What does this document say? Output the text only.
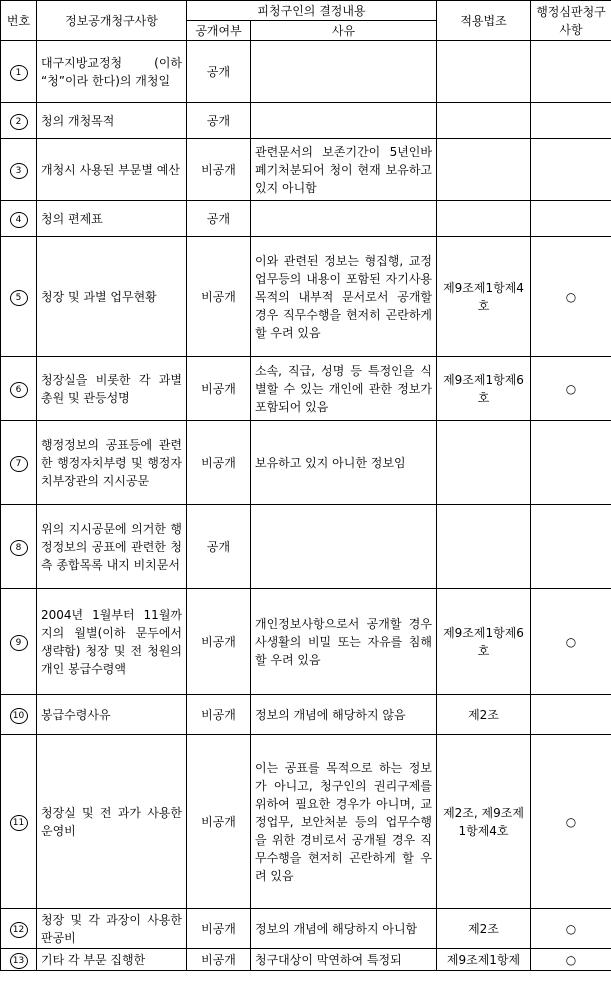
번호	정보공개청구사항	피청구인의 결정내용		적용법조	행정심판청구사항
		공개여부	사유		
1	대구지방교정청 (이하 “청”이라 한다)의 개청일	공개			
2	청의 개청목적	공개			
3	개청시 사용된 부문별 예산	비공개	관련문서의 보존기간이 5년인바 폐기처분되어 청이 현재 보유하고 있지 아니함		
4	청의 편제표	공개			
5	청장 및 과별 업무현황	비공개	이와 관련된 정보는 형집행, 교정업무등의 내용이 포함된 자기사용 목적의 내부적 문서로서 공개할 경우 직무수행을 현저히 곤란하게 할 우려 있음	제9조제1항제4호	○
6	청장실을 비롯한 각 과별 총원 및 관등성명	비공개	소속, 직급, 성명 등 특정인을 식별할 수 있는 개인에 관한 정보가 포함되어 있음	제9조제1항제6호	○
7	행정정보의 공표등에 관련한 행정자치부령 및 행정자치부장관의 지시공문	비공개	보유하고 있지 아니한 정보임		
8	위의 지시공문에 의거한 행정정보의 공표에 관련한 청측 종합목록 내지 비치문서	공개			
9	2004년 1월부터 11월까지의 월별(이하 문두에서 생략함) 청장 및 전 청원의 개인 봉급수령액	비공개	개인정보사항으로서 공개할 경우 사생활의 비밀 또는 자유를 침해할 우려 있음	제9조제1항제6호	○
10	봉급수령사유	비공개	정보의 개념에 해당하지 않음	제2조	
11	청장실 및 전 과가 사용한 운영비	비공개	이는 공표를 목적으로 하는 정보가 아니고, 청구인의 권리구제를 위하여 필요한 경우가 아니며, 교정업무, 보안처분 등의 업무수행을 위한 경비로서 공개될 경우 직무수행을 현저히 곤란하게 할 우려 있음	제2조, 제9조제1항제4호	○
12	청장 및 각 과장이 사용한 판공비	비공개	정보의 개념에 해당하지 아니함	제2조	○
13	기타 각 부문 집행한	비공개	청구대상이 막연하여 특정되	제9조제1항제	○
